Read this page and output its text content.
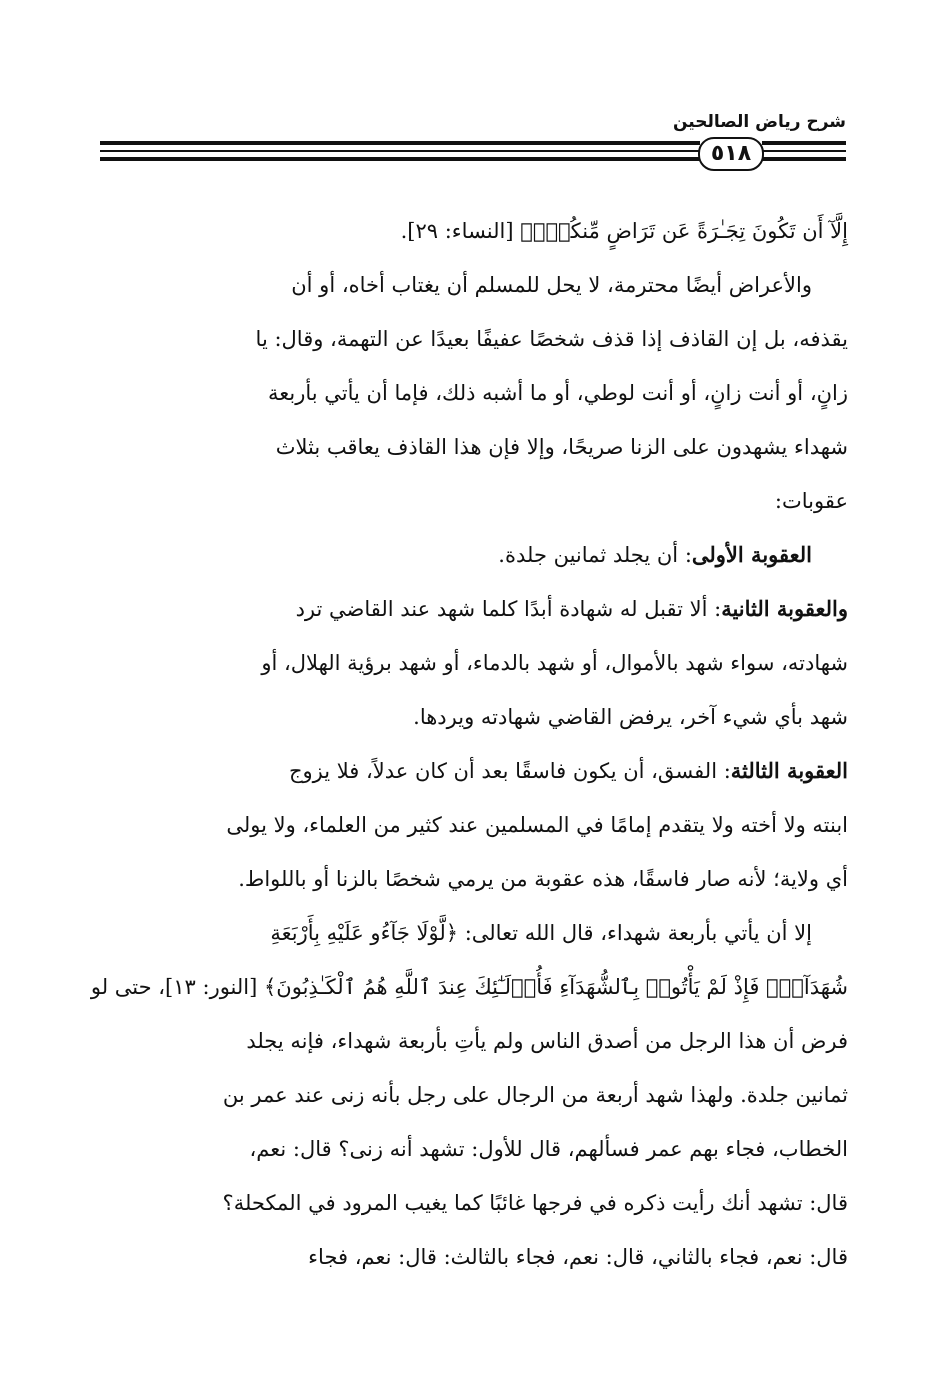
شرح رياض الصالحين
٥١٨
إِلَّآ أَن تَكُونَ تِجَـٰرَةً عَن تَرَاضٍ مِّنكُمْۚ﴾ [النساء: ٢٩].
والأعراض أيضًا محترمة، لا يحل للمسلم أن يغتاب أخاه، أو أن
يقذفه، بل إن القاذف إذا قذف شخصًا عفيفًا بعيدًا عن التهمة، وقال: يا
زانٍ، أو أنت زانٍ، أو أنت لوطي، أو ما أشبه ذلك، فإما أن يأتي بأربعة
شهداء يشهدون على الزنا صريحًا، وإلا فإن هذا القاذف يعاقب بثلاث
عقوبات:
العقوبة الأولى: أن يجلد ثمانين جلدة.
والعقوبة الثانية: ألا تقبل له شهادة أبدًا كلما شهد عند القاضي ترد
شهادته، سواء شهد بالأموال، أو شهد بالدماء، أو شهد برؤية الهلال، أو
شهد بأي شيء آخر، يرفض القاضي شهادته ويردها.
العقوبة الثالثة: الفسق، أن يكون فاسقًا بعد أن كان عدلاً، فلا يزوج
ابنته ولا أخته ولا يتقدم إمامًا في المسلمين عند كثير من العلماء، ولا يولى
أي ولاية؛ لأنه صار فاسقًا، هذه عقوبة من يرمي شخصًا بالزنا أو باللواط.
إلا أن يأتي بأربعة شهداء، قال الله تعالى: ﴿لَّوْلَا جَآءُو عَلَيْهِ بِأَرْبَعَةِ
شُهَدَآءَۚ فَإِذْ لَمْ يَأْتُوا۟ بِٱلشُّهَدَآءِ فَأُو۟لَـٰٓئِكَ عِندَ ٱللَّهِ هُمُ ٱلْكَـٰذِبُونَ﴾ [النور: ١٣]، حتى لو
فرض أن هذا الرجل من أصدق الناس ولم يأتِ بأربعة شهداء، فإنه يجلد
ثمانين جلدة. ولهذا شهد أربعة من الرجال على رجل بأنه زنى عند عمر بن
الخطاب، فجاء بهم عمر فسألهم، قال للأول: تشهد أنه زنى؟ قال: نعم،
قال: تشهد أنك رأيت ذكره في فرجها غائبًا كما يغيب المرود في المكحلة؟
قال: نعم، فجاء بالثاني، قال: نعم، فجاء بالثالث: قال: نعم، فجاء
